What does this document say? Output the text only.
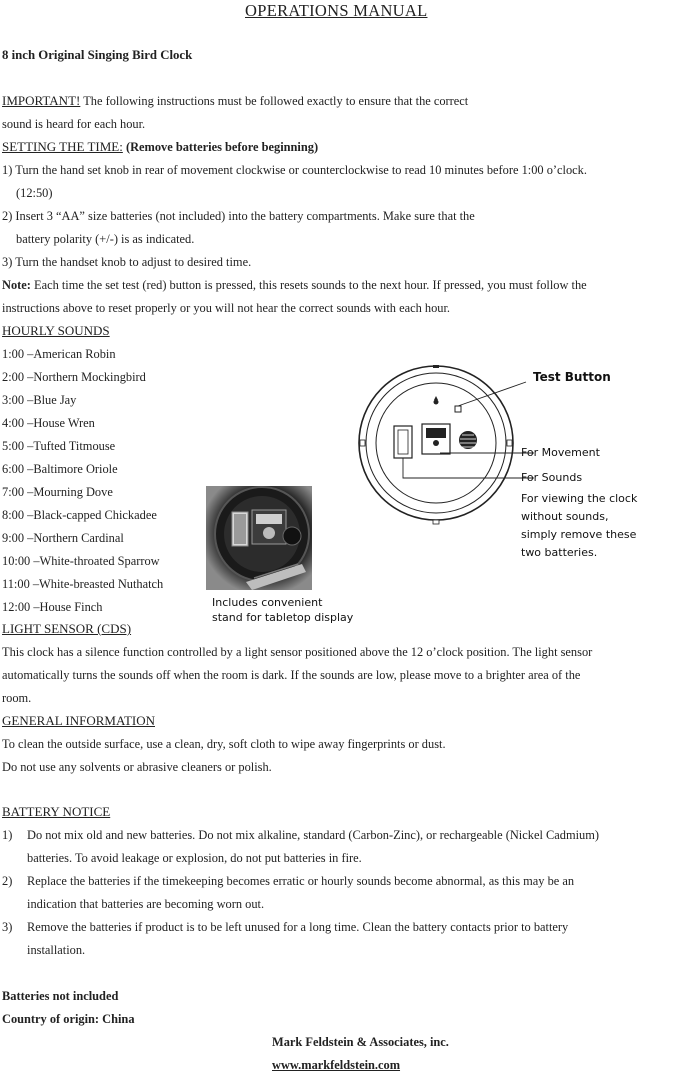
OPERATIONS MANUAL
8 inch Original Singing Bird Clock
IMPORTANT! The following instructions must be followed exactly to ensure that the correct
sound is heard for each hour.
SETTING THE TIME: (Remove batteries before beginning)
1) Turn the hand set knob in rear of movement clockwise or counterclockwise to read 10 minutes before 1:00 o’clock.
(12:50)
2) Insert 3 “AA” size batteries (not included) into the battery compartments. Make sure that the
battery polarity (+/-) is as indicated.
3) Turn the handset knob to adjust to desired time.
Note: Each time the set test (red) button is pressed, this resets sounds to the next hour. If pressed, you must follow the
instructions above to reset properly or you will not hear the correct sounds with each hour.
HOURLY SOUNDS
1:00 –American Robin
2:00 –Northern Mockingbird
3:00 –Blue Jay
4:00 –House Wren
5:00 –Tufted Titmouse
6:00 –Baltimore Oriole
7:00 –Mourning Dove
8:00 –Black-capped Chickadee
9:00 –Northern Cardinal
10:00 –White-throated Sparrow
11:00 –White-breasted Nuthatch
12:00 –House Finch	Includes convenient
stand for tabletop display
Test Button
For Movement
For Sounds
For viewing the clock
without sounds,
simply remove these
two batteries.
LIGHT SENSOR (CDS)
This clock has a silence function controlled by a light sensor positioned above the 12 o’clock position. The light sensor
automatically turns the sounds off when the room is dark. If the sounds are low, please move to a brighter area of the
room.
GENERAL INFORMATION
To clean the outside surface, use a clean, dry, soft cloth to wipe away fingerprints or dust.
Do not use any solvents or abrasive cleaners or polish.
BATTERY NOTICE
1) Do not mix old and new batteries. Do not mix alkaline, standard (Carbon-Zinc), or rechargeable (Nickel Cadmium)
batteries. To avoid leakage or explosion, do not put batteries in fire.
2) Replace the batteries if the timekeeping becomes erratic or hourly sounds become abnormal, as this may be an
indication that batteries are becoming worn out.
3) Remove the batteries if product is to be left unused for a long time. Clean the battery contacts prior to battery
installation.
Batteries not included
Country of origin: China
Mark Feldstein & Associates, inc.
www.markfeldstein.com
